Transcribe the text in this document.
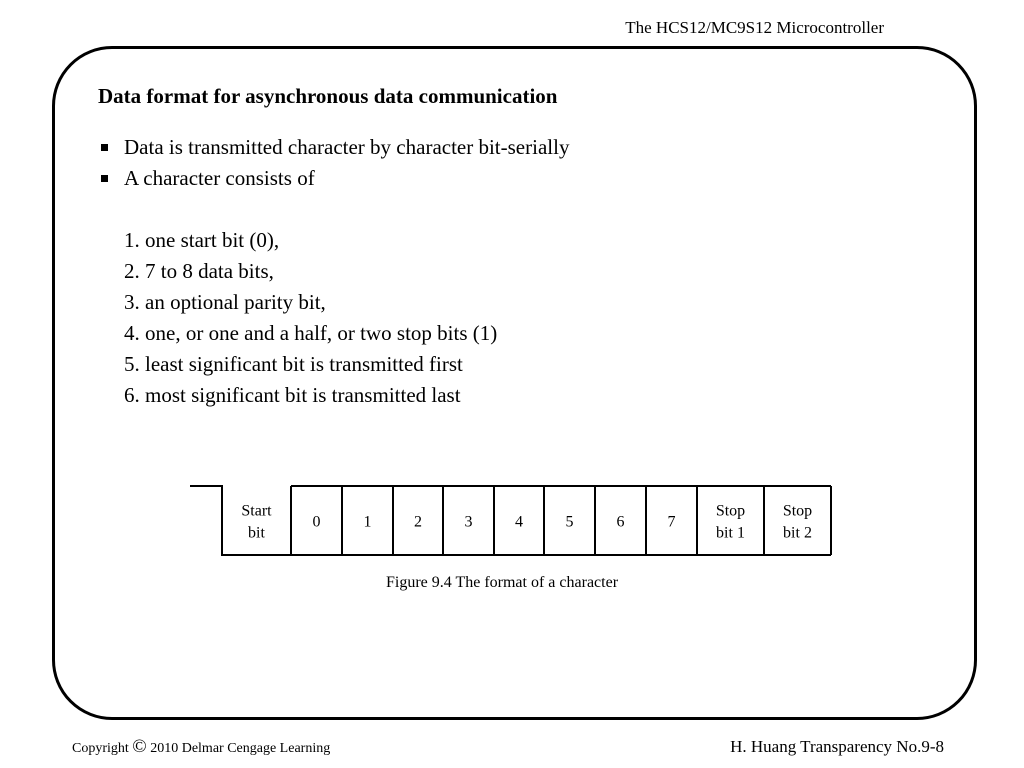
The HCS12/MC9S12 Microcontroller
Data format for asynchronous data communication
Data is transmitted character by character bit-serially
A character consists of
1. one start bit (0),
2. 7 to 8 data bits,
3. an optional parity bit,
4. one, or one and a half, or two stop bits (1)
5. least significant bit is transmitted first
6. most significant bit is transmitted last
Start
bit
0	1	2	3	4	5	6	7
Stop
bit 1
Stop
bit 2
Figure 9.4 The format of a character
Copyright © 2010 Delmar Cengage Learning	H. Huang Transparency No.9-8
